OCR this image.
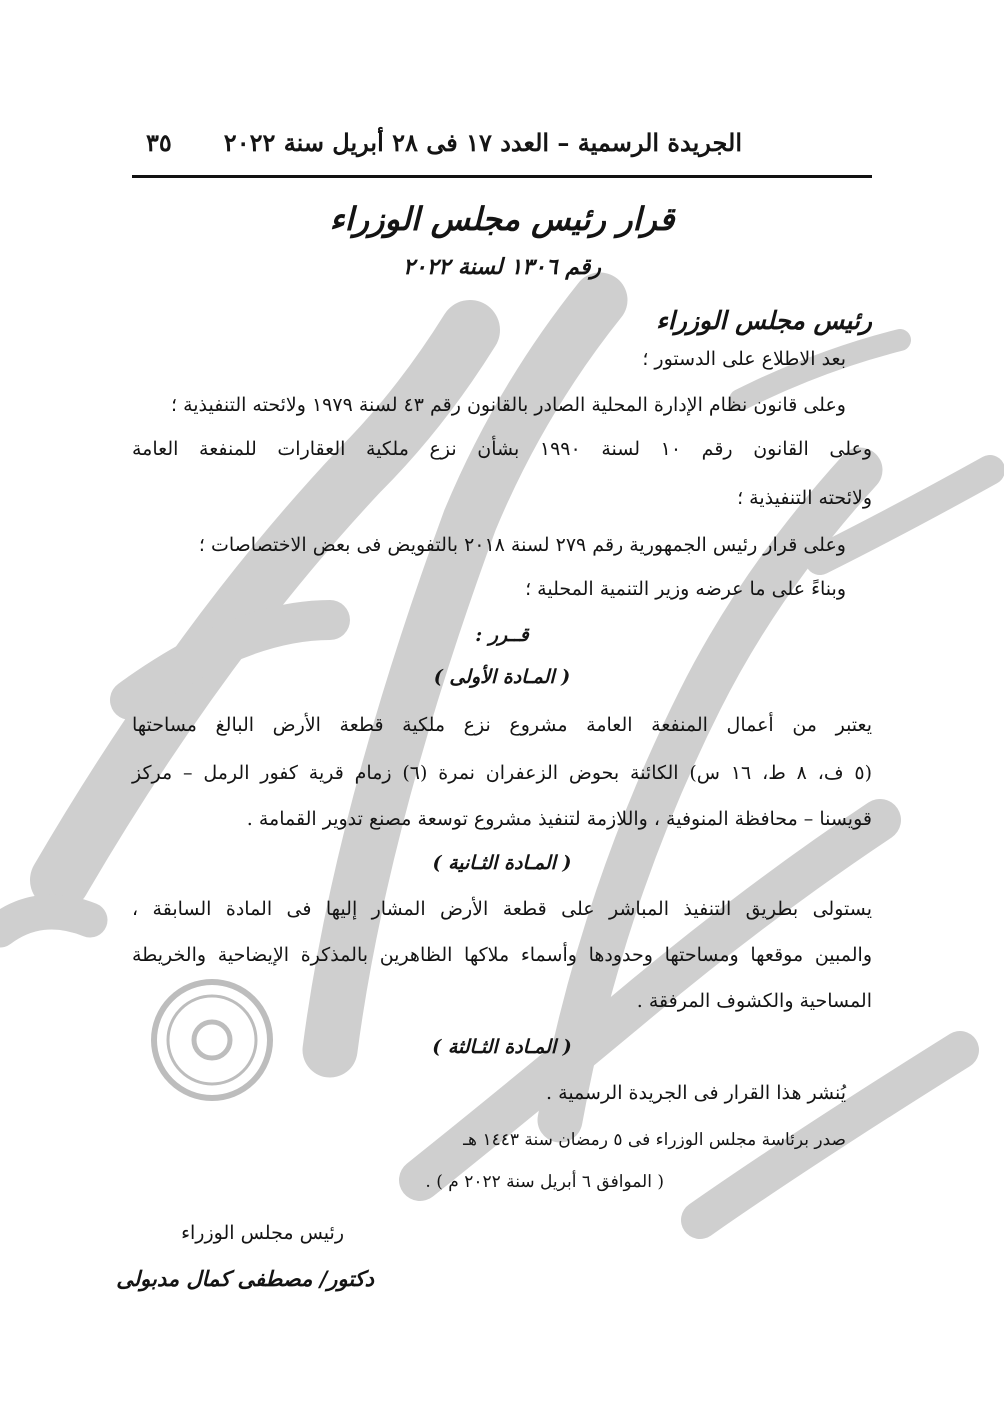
الجريدة الرسمية – العدد ١٧ فى ٢٨ أبريل سنة ٢٠٢٢
٣٥
قرار رئيس مجلس الوزراء
رقم ١٣٠٦ لسنة ٢٠٢٢
رئيس مجلس الوزراء
بعد الاطلاع على الدستور ؛
وعلى قانون نظام الإدارة المحلية الصادر بالقانون رقم ٤٣ لسنة ١٩٧٩ ولائحته التنفيذية ؛
وعلى القانون رقم ١٠ لسنة ١٩٩٠ بشأن نزع ملكية العقارات للمنفعة العامة
ولائحته التنفيذية ؛
وعلى قرار رئيس الجمهورية رقم ٢٧٩ لسنة ٢٠١٨ بالتفويض فى بعض الاختصاصات ؛
وبناءً على ما عرضه وزير التنمية المحلية ؛
قــرر :
( المـادة الأولى )
يعتبر من أعمال المنفعة العامة مشروع نزع ملكية قطعة الأرض البالغ مساحتها
(٥ ف، ٨ ط، ١٦ س) الكائنة بحوض الزعفران نمرة (٦) زمام قرية كفور الرمل – مركز
قويسنا – محافظة المنوفية ، واللازمة لتنفيذ مشروع توسعة مصنع تدوير القمامة .
( المـادة الثـانية )
يستولى بطريق التنفيذ المباشر على قطعة الأرض المشار إليها فى المادة السابقة ،
والمبين موقعها ومساحتها وحدودها وأسماء ملاكها الظاهرين بالمذكرة الإيضاحية والخريطة
المساحية والكشوف المرفقة .
( المـادة الثـالثة )
يُنشر هذا القرار فى الجريدة الرسمية .
صدر برئاسة مجلس الوزراء فى ٥ رمضان سنة ١٤٤٣ هـ
( الموافق ٦ أبريل سنة ٢٠٢٢ م ) .
رئيس مجلس الوزراء
دكتور/ مصطفى كمال مدبولى
